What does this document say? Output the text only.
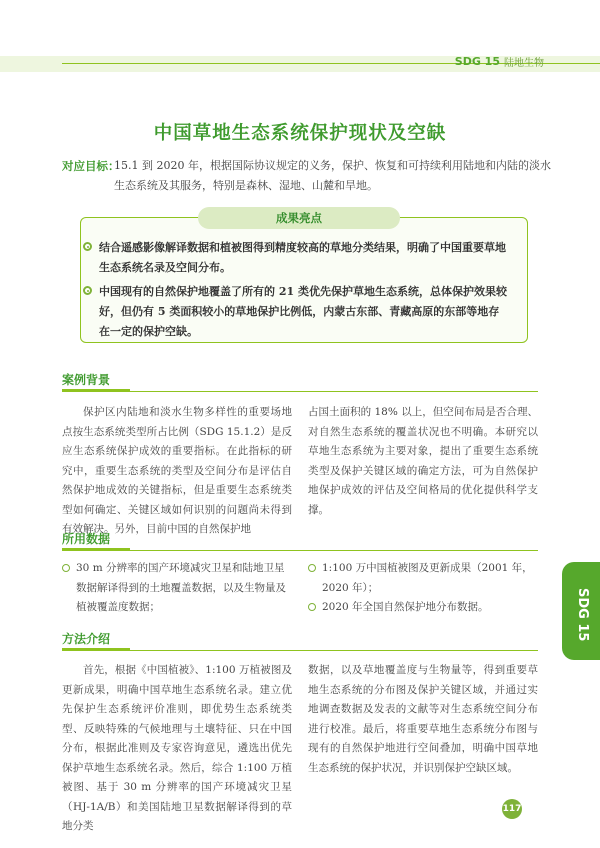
SDG 15 陆地生物
中国草地生态系统保护现状及空缺
对应目标：
15.1 到 2020 年，根据国际协议规定的义务，保护、恢复和可持续利用陆地和内陆的淡水生态系统及其服务，特别是森林、湿地、山麓和旱地。
结合遥感影像解译数据和植被图得到精度较高的草地分类结果，明确了中国重要草地生态系统名录及空间分布。
中国现有的自然保护地覆盖了所有的 21 类优先保护草地生态系统，总体保护效果较好，但仍有 5 类面积较小的草地保护比例低，内蒙古东部、青藏高原的东部等地存在一定的保护空缺。
成果亮点
案例背景

保护区内陆地和淡水生物多样性的重要场地点按生态系统类型所占比例（SDG 15.1.2）是反应生态系统保护成效的重要指标。在此指标的研究中，重要生态系统的类型及空间分布是评估自然保护地成效的关键指标，但是重要生态系统类型如何确定、关键区域如何识别的问题尚未得到有效解决。另外，目前中国的自然保护地

占国土面积的 18% 以上，但空间布局是否合理、对自然生态系统的覆盖状况也不明确。本研究以草地生态系统为主要对象，提出了重要生态系统类型及保护关键区域的确定方法，可为自然保护地保护成效的评估及空间格局的优化提供科学支撑。

所用数据
30 m 分辨率的国产环境减灾卫星和陆地卫星数据解译得到的土地覆盖数据，以及生物量及植被覆盖度数据；
1:100 万中国植被图及更新成果（2001 年，2020 年）；
2020 年全国自然保护地分布数据。
方法介绍

首先，根据《中国植被》、1:100 万植被图及更新成果，明确中国草地生态系统名录。建立优先保护生态系统评价准则，即优势生态系统类型、反映特殊的气候地理与土壤特征、只在中国分布，根据此准则及专家咨询意见，遴选出优先保护草地生态系统名录。然后，综合 1:100 万植被图、基于 30 m 分辨率的国产环境减灾卫星（HJ-1A/B）和美国陆地卫星数据解译得到的草地分类

数据，以及草地覆盖度与生物量等，得到重要草地生态系统的分布图及保护关键区域，并通过实地调查数据及发表的文献等对生态系统空间分布进行校准。最后，将重要草地生态系统分布图与现有的自然保护地进行空间叠加，明确中国草地生态系统的保护状况，并识别保护空缺区域。

SDG 15
117
